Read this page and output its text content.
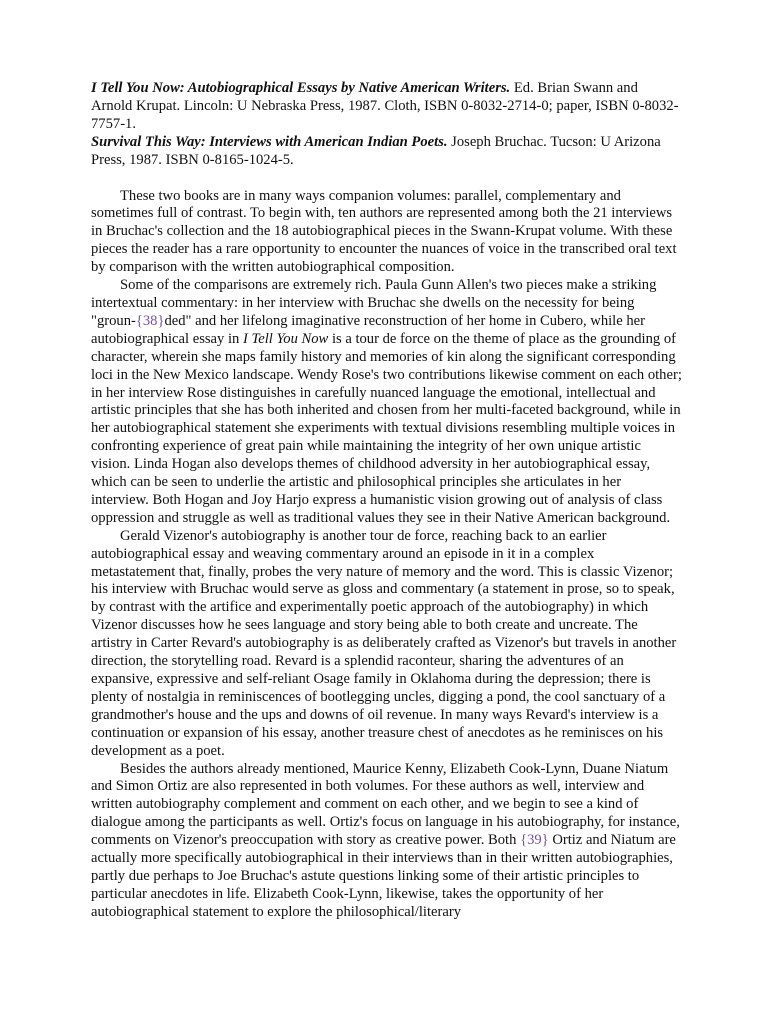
I Tell You Now: Autobiographical Essays by Native American Writers. Ed. Brian Swann and Arnold Krupat. Lincoln: U Nebraska Press, 1987. Cloth, ISBN 0-8032-2714-0; paper, ISBN 0-8032-7757-1.

Survival This Way: Interviews with American Indian Poets. Joseph Bruchac. Tucson: U Arizona Press, 1987. ISBN 0-8165-1024-5.

These two books are in many ways companion volumes: parallel, complementary and sometimes full of contrast. To begin with, ten authors are represented among both the 21 interviews in Bruchac's collection and the 18 autobiographical pieces in the Swann-Krupat volume. With these pieces the reader has a rare opportunity to encounter the nuances of voice in the transcribed oral text by comparison with the written autobiographical composition.

Some of the comparisons are extremely rich. Paula Gunn Allen's two pieces make a striking intertextual commentary: in her interview with Bruchac she dwells on the necessity for being "groun-{38}ded" and her lifelong imaginative reconstruction of her home in Cubero, while her autobiographical essay in I Tell You Now is a tour de force on the theme of place as the grounding of character, wherein she maps family history and memories of kin along the significant corresponding loci in the New Mexico landscape. Wendy Rose's two contributions likewise comment on each other; in her interview Rose distinguishes in carefully nuanced language the emotional, intellectual and artistic principles that she has both inherited and chosen from her multi-faceted background, while in her autobiographical statement she experiments with textual divisions resembling multiple voices in confronting experience of great pain while maintaining the integrity of her own unique artistic vision. Linda Hogan also develops themes of childhood adversity in her autobiographical essay, which can be seen to underlie the artistic and philosophical principles she articulates in her interview. Both Hogan and Joy Harjo express a humanistic vision growing out of analysis of class oppression and struggle as well as traditional values they see in their Native American background.

Gerald Vizenor's autobiography is another tour de force, reaching back to an earlier autobiographical essay and weaving commentary around an episode in it in a complex metastatement that, finally, probes the very nature of memory and the word. This is classic Vizenor; his interview with Bruchac would serve as gloss and commentary (a statement in prose, so to speak, by contrast with the artifice and experimentally poetic approach of the autobiography) in which Vizenor discusses how he sees language and story being able to both create and uncreate. The artistry in Carter Revard's autobiography is as deliberately crafted as Vizenor's but travels in another direction, the storytelling road. Revard is a splendid raconteur, sharing the adventures of an expansive, expressive and self-reliant Osage family in Oklahoma during the depression; there is plenty of nostalgia in reminiscences of bootlegging uncles, digging a pond, the cool sanctuary of a grandmother's house and the ups and downs of oil revenue. In many ways Revard's interview is a continuation or expansion of his essay, another treasure chest of anecdotes as he reminisces on his development as a poet.

Besides the authors already mentioned, Maurice Kenny, Elizabeth Cook-Lynn, Duane Niatum and Simon Ortiz are also represented in both volumes. For these authors as well, interview and written autobiography complement and comment on each other, and we begin to see a kind of dialogue among the participants as well. Ortiz's focus on language in his autobiography, for instance, comments on Vizenor's preoccupation with story as creative power. Both {39} Ortiz and Niatum are actually more specifically autobiographical in their interviews than in their written autobiographies, partly due perhaps to Joe Bruchac's astute questions linking some of their artistic principles to particular anecdotes in life. Elizabeth Cook-Lynn, likewise, takes the opportunity of her autobiographical statement to explore the philosophical/literary
